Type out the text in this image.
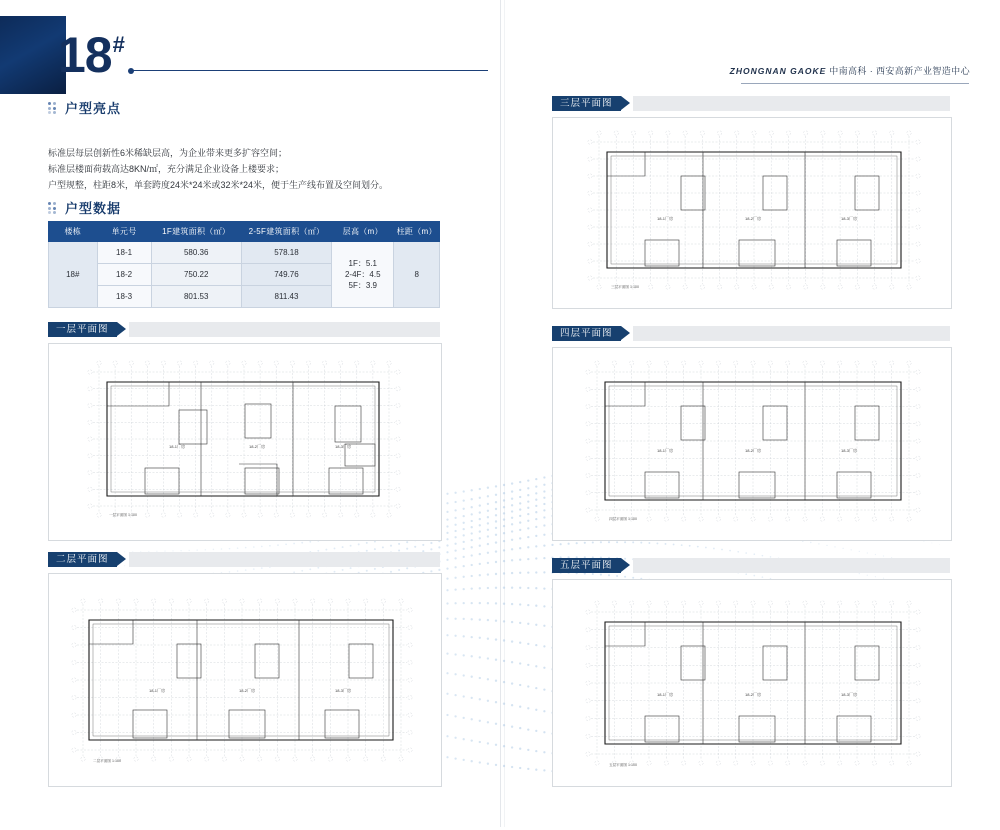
18#
ZHONGNAN GAOKE 中南高科 · 西安高新产业智造中心
户型亮点
标准层每层创新性6米稀缺层高，为企业带来更多扩容空间；
标准层楼面荷载高达8KN/㎡，充分满足企业设备上楼要求；
户型规整，柱距8米，单套跨度24米*24米或32米*24米，便于生产线布置及空间划分。
户型数据
楼栋	单元号	1F建筑面积（㎡）	2-5F建筑面积（㎡）	层高（m）	柱距（m）
18#	18-1	580.36	578.18	1F：5.1
2-4F：4.5
5F：3.9	8
	18-2	750.22	749.76		
	18-3	801.53	811.43		
一层平面图
18-1厂房	18-2厂房	18-3厂房
一层平面图 1:100
二层平面图
18-1厂房	18-2厂房	18-3厂房
二层平面图 1:100
三层平面图
18-1厂房	18-2厂房	18-3厂房
三层平面图 1:100
四层平面图
18-1厂房	18-2厂房	18-3厂房
四层平面图 1:100
五层平面图
18-1厂房	18-2厂房	18-3厂房
五层平面图 1:100
